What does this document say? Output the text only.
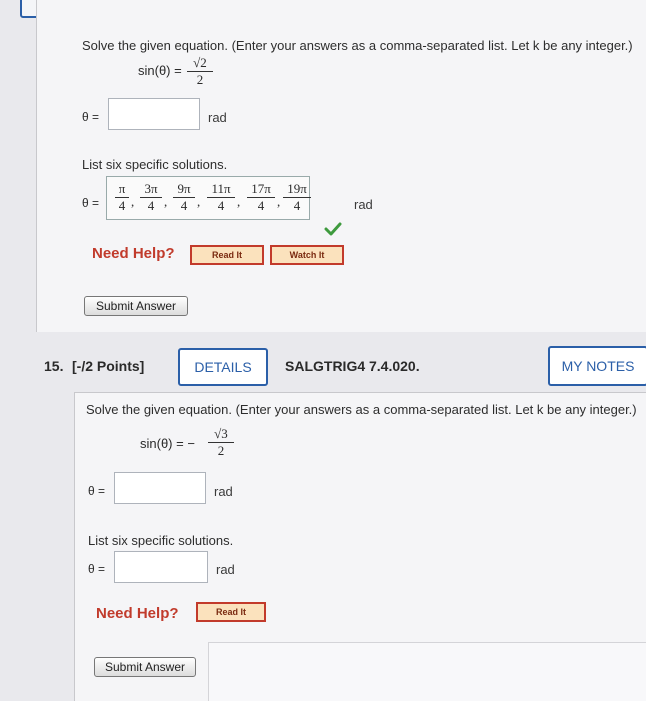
Solve the given equation. (Enter your answers as a comma-separated list. Let k be any integer.)
$\sin(\theta) = \frac{√2}{2}$
θ =	rad
List six specific solutions.
$\theta = \frac{\pi}{4}$ , $\frac{3\pi}{4}$ , $\frac{9\pi}{4}$ , $\frac{11\pi}{4}$ , $\frac{17\pi}{4}$ , $\frac{19\pi}{4}$	rad
Need Help?	Read It	Watch It
Submit Answer
15. [-/2 Points]	DETAILS	SALGTRIG4 7.4.020.	MY NOTES
Solve the given equation. (Enter your answers as a comma-separated list. Let k be any integer.)
sin(θ) = − $\frac{√3}{2}$
θ =	rad
List six specific solutions.
θ =	rad
Need Help?	Read It
Submit Answer
